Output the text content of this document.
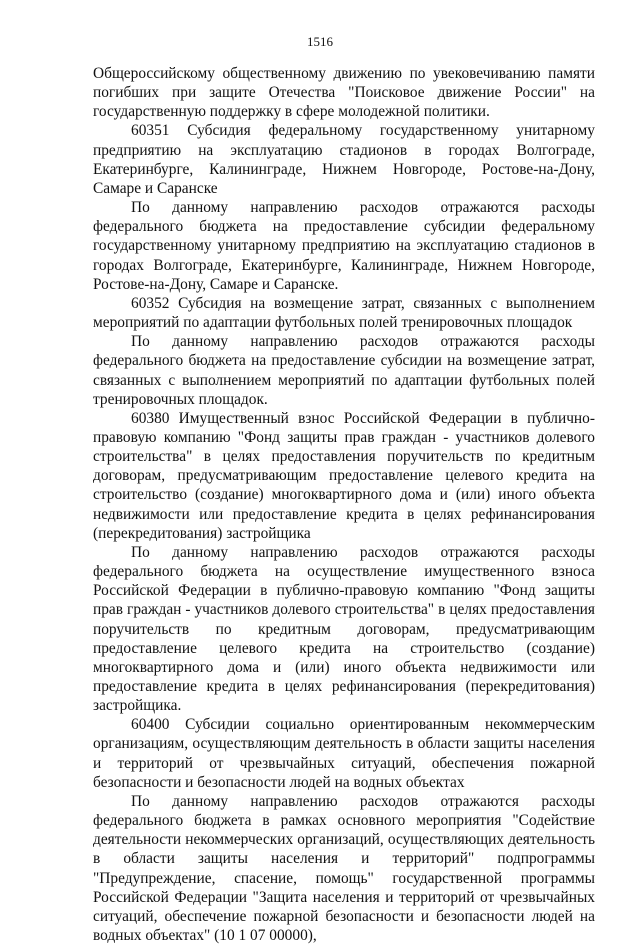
1516

Общероссийскому общественному движению по увековечиванию памяти погибших при защите Отечества "Поисковое движение России" на государственную поддержку в сфере молодежной политики.

60351 Субсидия федеральному государственному унитарному предприятию на эксплуатацию стадионов в городах Волгограде, Екатеринбурге, Калининграде, Нижнем Новгороде, Ростове-на-Дону, Самаре и Саранске

По данному направлению расходов отражаются расходы федерального бюджета на предоставление субсидии федеральному государственному унитарному предприятию на эксплуатацию стадионов в городах Волгограде, Екатеринбурге, Калининграде, Нижнем Новгороде, Ростове-на-Дону, Самаре и Саранске.

60352 Субсидия на возмещение затрат, связанных с выполнением мероприятий по адаптации футбольных полей тренировочных площадок

По данному направлению расходов отражаются расходы федерального бюджета на предоставление субсидии на возмещение затрат, связанных с выполнением мероприятий по адаптации футбольных полей тренировочных площадок.

60380 Имущественный взнос Российской Федерации в публично-правовую компанию "Фонд защиты прав граждан - участников долевого строительства" в целях предоставления поручительств по кредитным договорам, предусматривающим предоставление целевого кредита на строительство (создание) многоквартирного дома и (или) иного объекта недвижимости или предоставление кредита в целях рефинансирования (перекредитования) застройщика

По данному направлению расходов отражаются расходы федерального бюджета на осуществление имущественного взноса Российской Федерации в публично-правовую компанию "Фонд защиты прав граждан - участников долевого строительства" в целях предоставления поручительств по кредитным договорам, предусматривающим предоставление целевого кредита на строительство (создание) многоквартирного дома и (или) иного объекта недвижимости или предоставление кредита в целях рефинансирования (перекредитования) застройщика.

60400 Субсидии социально ориентированным некоммерческим организациям, осуществляющим деятельность в области защиты населения и территорий от чрезвычайных ситуаций, обеспечения пожарной безопасности и безопасности людей на водных объектах

По данному направлению расходов отражаются расходы федерального бюджета в рамках основного мероприятия "Содействие деятельности некоммерческих организаций, осуществляющих деятельность в области защиты населения и территорий" подпрограммы "Предупреждение, спасение, помощь" государственной программы Российской Федерации "Защита населения и территорий от чрезвычайных ситуаций, обеспечение пожарной безопасности и безопасности людей на водных объектах" (10 1 07 00000),
